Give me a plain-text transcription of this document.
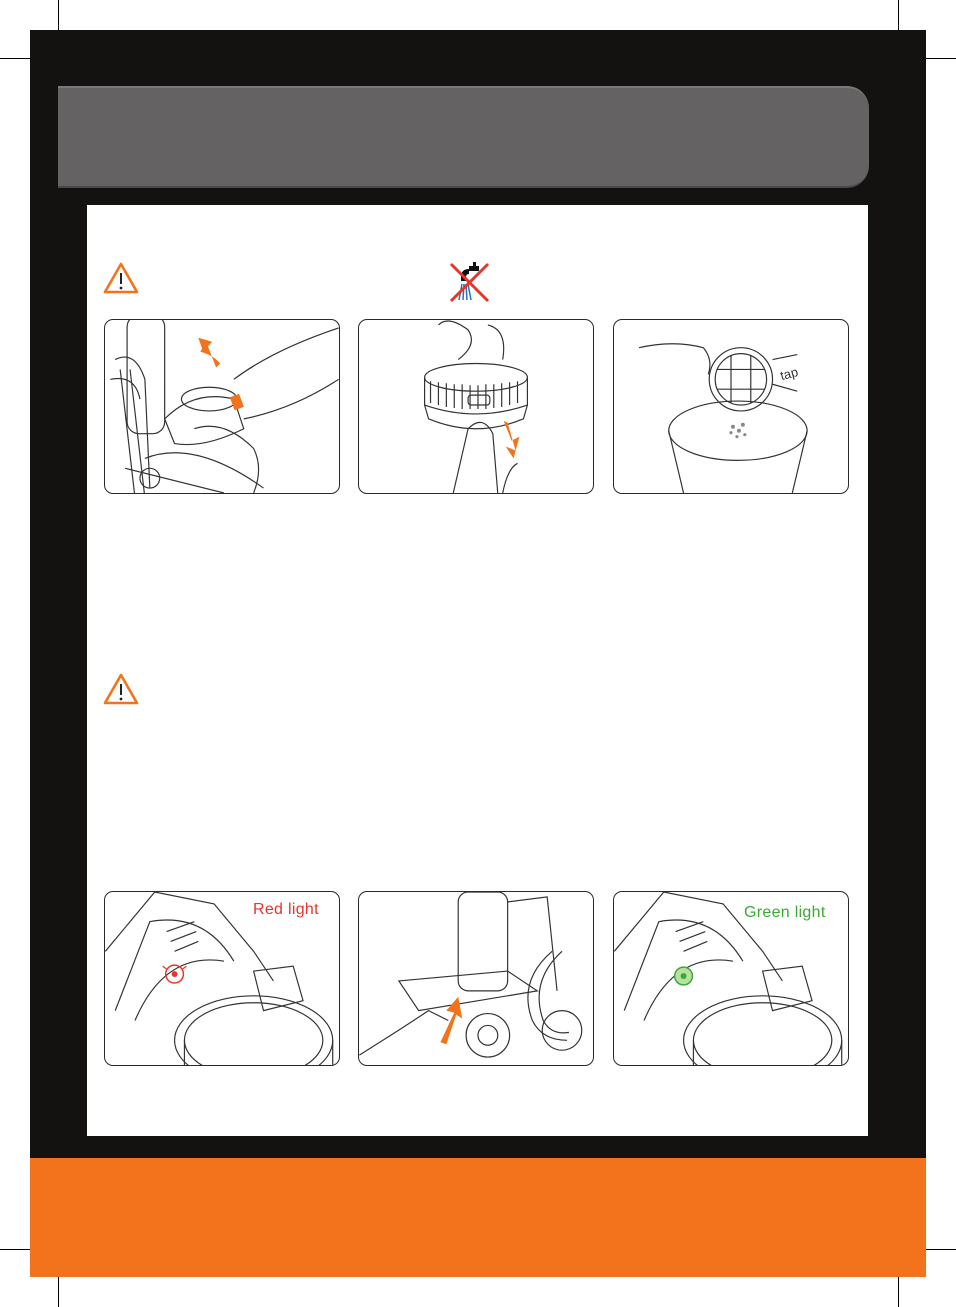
tap
Red light	Green light
